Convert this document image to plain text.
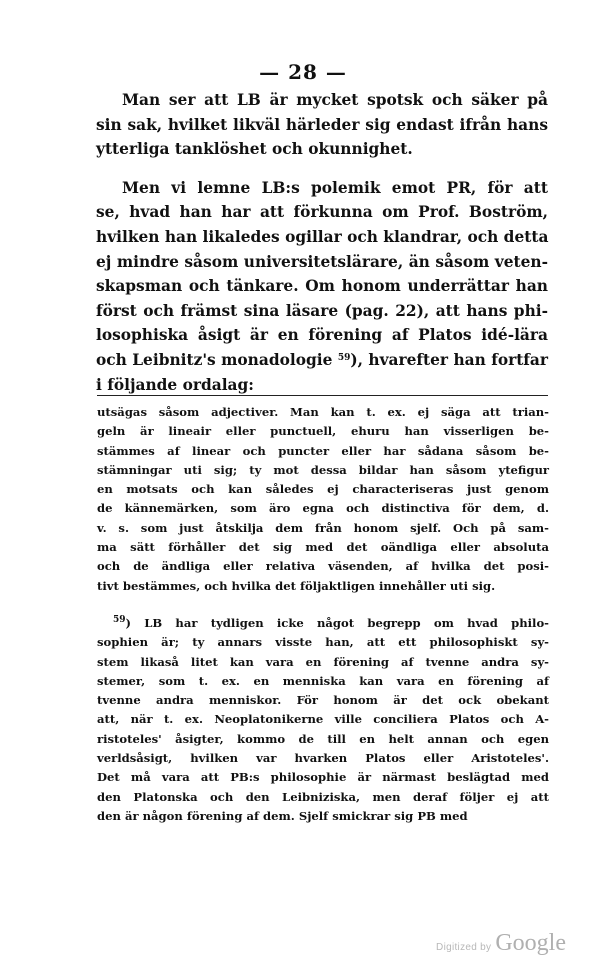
— 28 —
Man ser att LB är mycket spotsk och säker på
sin sak, hvilket likväl härleder sig endast ifrån hans
ytterliga tanklöshet och okunnighet.
Men vi lemne LB:s polemik emot PR, för att
se, hvad han har att förkunna om Prof. Boström,
hvilken han likaledes ogillar och klandrar, och detta
ej mindre såsom universitetslärare, än såsom veten-
skapsman och tänkare. Om honom underrättar han
först och främst sina läsare (pag. 22), att hans phi-
losophiska åsigt är en förening af Platos idé-lära
och Leibnitz's monadologie $^{59}$), hvarefter han fortfar
i följande ordalag:
utsägas såsom adjectiver. Man kan t. ex. ej säga att trian-
geln är lineair eller punctuell, ehuru han visserligen be-
stämmes af linear och puncter eller har sådana såsom be-
stämningar uti sig; ty mot dessa bildar han såsom ytefigur
en motsats och kan således ej characteriseras just genom
de kännemärken, som äro egna och distinctiva för dem, d.
v. s. som just åtskilja dem från honom sjelf. Och på sam-
ma sätt förhåller det sig med det oändliga eller absoluta
och de ändliga eller relativa väsenden, af hvilka det posi-
tivt bestämmes, och hvilka det följaktligen innehåller uti sig.
$^{59}$) LB har tydligen icke något begrepp om hvad philo-
sophien är; ty annars visste han, att ett philosophiskt sy-
stem likaså litet kan vara en förening af tvenne andra sy-
stemer, som t. ex. en menniska kan vara en förening af
tvenne andra menniskor. För honom är det ock obekant
att, när t. ex. Neoplatonikerne ville conciliera Platos och A-
ristoteles' åsigter, kommo de till en helt annan och egen
verldsåsigt, hvilken var hvarken Platos eller Aristoteles'.
Det må vara att PB:s philosophie är närmast beslägtad med
den Platonska och den Leibniziska, men deraf följer ej att
den är någon förening af dem. Sjelf smickrar sig PB med
Digitized by Google
